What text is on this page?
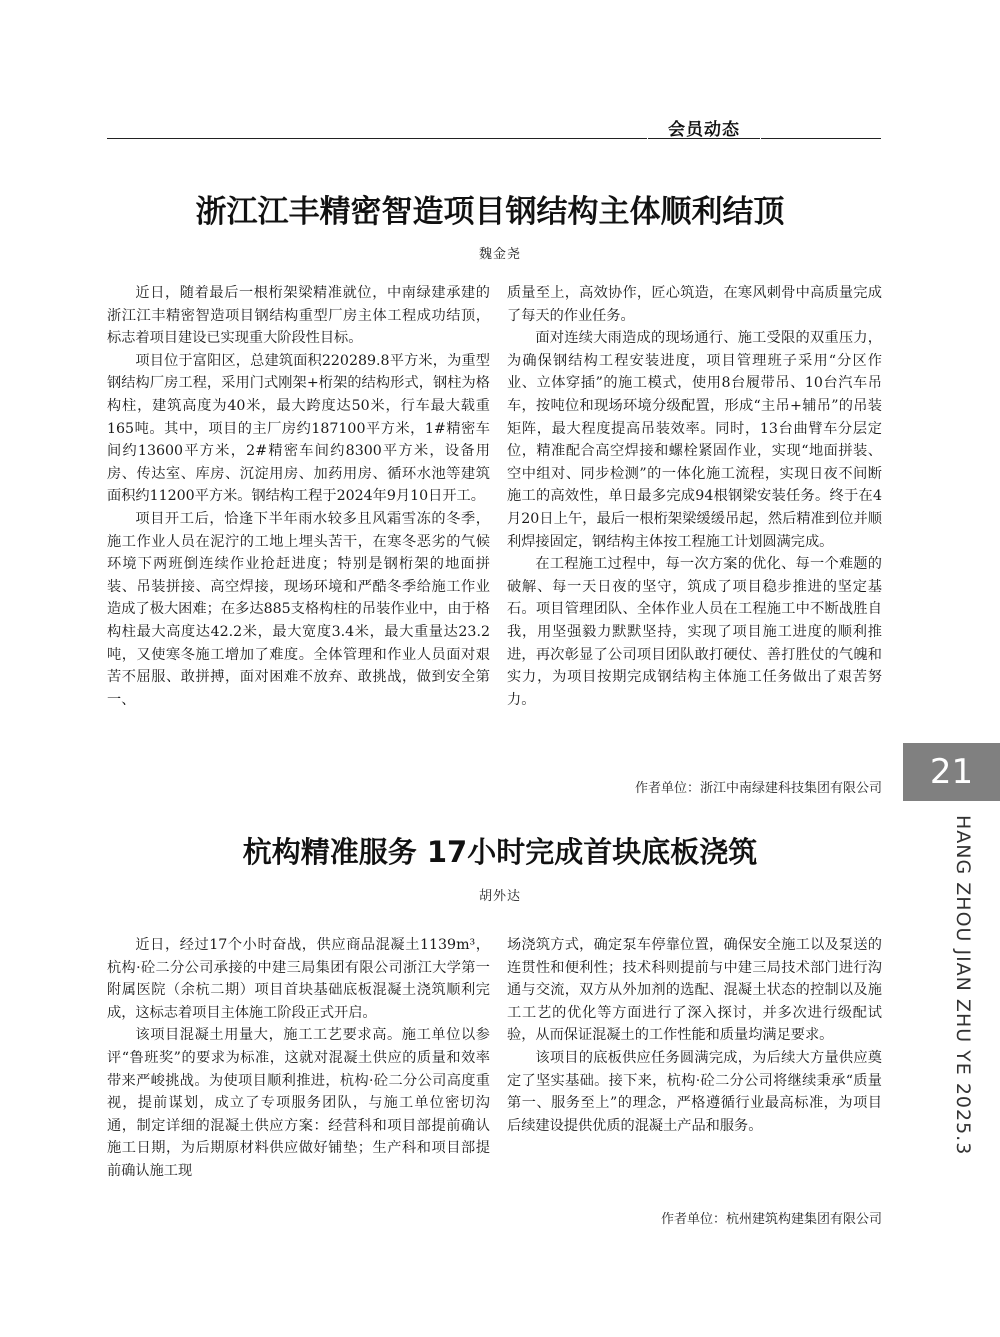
会员动态
浙江江丰精密智造项目钢结构主体顺利结顶
魏金尧

近日，随着最后一根桁架梁精准就位，中南绿建承建的浙江江丰精密智造项目钢结构重型厂房主体工程成功结顶，标志着项目建设已实现重大阶段性目标。

项目位于富阳区，总建筑面积220289.8平方米，为重型钢结构厂房工程，采用门式刚架+桁架的结构形式，钢柱为格构柱，建筑高度为40米，最大跨度达50米，行车最大载重165吨。其中，项目的主厂房约187100平方米，1#精密车间约13600平方米，2#精密车间约8300平方米，设备用房、传达室、库房、沉淀用房、加药用房、循环水池等建筑面积约11200平方米。钢结构工程于2024年9月10日开工。

项目开工后，恰逢下半年雨水较多且风霜雪冻的冬季，施工作业人员在泥泞的工地上埋头苦干，在寒冬恶劣的气候环境下两班倒连续作业抢赶进度；特别是钢桁架的地面拼装、吊装拼接、高空焊接，现场环境和严酷冬季给施工作业造成了极大困难；在多达885支格构柱的吊装作业中，由于格构柱最大高度达42.2米，最大宽度3.4米，最大重量达23.2吨，又使寒冬施工增加了难度。全体管理和作业人员面对艰苦不屈服、敢拼搏，面对困难不放弃、敢挑战，做到安全第一、

质量至上，高效协作，匠心筑造，在寒风刺骨中高质量完成了每天的作业任务。

面对连续大雨造成的现场通行、施工受限的双重压力，为确保钢结构工程安装进度，项目管理班子采用“分区作业、立体穿插”的施工模式，使用8台履带吊、10台汽车吊车，按吨位和现场环境分级配置，形成“主吊+辅吊”的吊装矩阵，最大程度提高吊装效率。同时，13台曲臂车分层定位，精准配合高空焊接和螺栓紧固作业，实现“地面拼装、空中组对、同步检测”的一体化施工流程，实现日夜不间断施工的高效性，单日最多完成94根钢梁安装任务。终于在4月20日上午，最后一根桁架梁缓缓吊起，然后精准到位并顺利焊接固定，钢结构主体按工程施工计划圆满完成。

在工程施工过程中，每一次方案的优化、每一个难题的破解、每一天日夜的坚守，筑成了项目稳步推进的坚定基石。项目管理团队、全体作业人员在工程施工中不断战胜自我，用坚强毅力默默坚持，实现了项目施工进度的顺利推进，再次彰显了公司项目团队敢打硬仗、善打胜仗的气魄和实力，为项目按期完成钢结构主体施工任务做出了艰苦努力。

作者单位：浙江中南绿建科技集团有限公司
杭构精准服务 17小时完成首块底板浇筑
胡外达

近日，经过17个小时奋战，供应商品混凝土1139m³，杭构·砼二分公司承接的中建三局集团有限公司浙江大学第一附属医院（余杭二期）项目首块基础底板混凝土浇筑顺利完成，这标志着项目主体施工阶段正式开启。

该项目混凝土用量大，施工工艺要求高。施工单位以参评“鲁班奖”的要求为标准，这就对混凝土供应的质量和效率带来严峻挑战。为使项目顺利推进，杭构·砼二分公司高度重视，提前谋划，成立了专项服务团队，与施工单位密切沟通，制定详细的混凝土供应方案：经营科和项目部提前确认施工日期，为后期原材料供应做好铺垫；生产科和项目部提前确认施工现

场浇筑方式，确定泵车停靠位置，确保安全施工以及泵送的连贯性和便利性；技术科则提前与中建三局技术部门进行沟通与交流，双方从外加剂的选配、混凝土状态的控制以及施工工艺的优化等方面进行了深入探讨，并多次进行级配试验，从而保证混凝土的工作性能和质量均满足要求。

该项目的底板供应任务圆满完成，为后续大方量供应奠定了坚实基础。接下来，杭构·砼二分公司将继续秉承“质量第一、服务至上”的理念，严格遵循行业最高标准，为项目后续建设提供优质的混凝土产品和服务。

作者单位：杭州建筑构建集团有限公司
21
HANG ZHOU JIAN ZHU YE 2025.3
